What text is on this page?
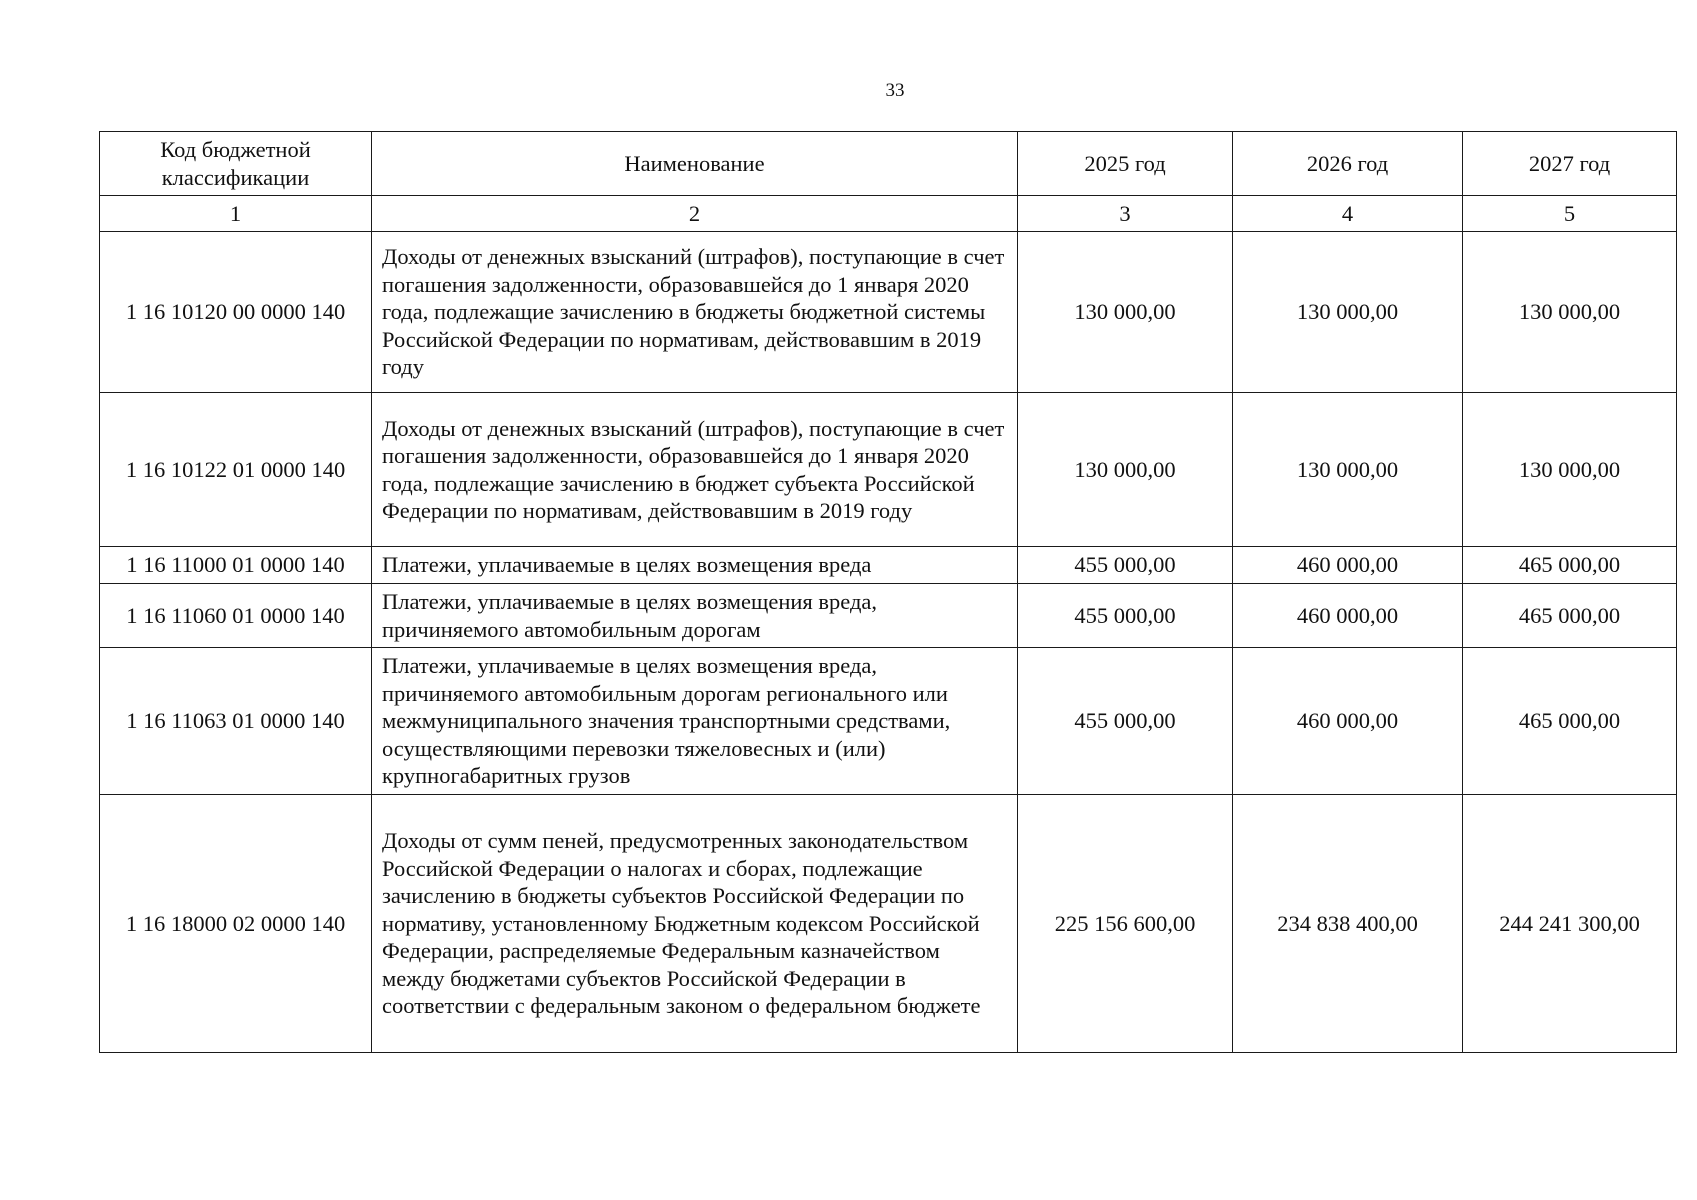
33
Код бюджетной классификации	Наименование	2025 год	2026 год	2027 год
1	2	3	4	5
1 16 10120 00 0000 140	Доходы от денежных взысканий (штрафов), поступающие в счет погашения задолженности, образовавшейся до 1 января 2020 года, подлежащие зачислению в бюджеты бюджетной системы Российской Федерации по нормативам, действовавшим в 2019 году	130 000,00	130 000,00	130 000,00
1 16 10122 01 0000 140	Доходы от денежных взысканий (штрафов), поступающие в счет погашения задолженности, образовавшейся до 1 января 2020 года, подлежащие зачислению в бюджет субъекта Российской Федерации по нормативам, действовавшим в 2019 году	130 000,00	130 000,00	130 000,00
1 16 11000 01 0000 140	Платежи, уплачиваемые в целях возмещения вреда	455 000,00	460 000,00	465 000,00
1 16 11060 01 0000 140	Платежи, уплачиваемые в целях возмещения вреда, причиняемого автомобильным дорогам	455 000,00	460 000,00	465 000,00
1 16 11063 01 0000 140	Платежи, уплачиваемые в целях возмещения вреда, причиняемого автомобильным дорогам регионального или межмуниципального значения транспортными средствами, осуществляющими перевозки тяжеловесных и (или) крупногабаритных грузов	455 000,00	460 000,00	465 000,00
1 16 18000 02 0000 140	Доходы от сумм пеней, предусмотренных законодательством Российской Федерации о налогах и сборах, подлежащие зачислению в бюджеты субъектов Российской Федерации по нормативу, установленному Бюджетным кодексом Российской Федерации, распределяемые Федеральным казначейством между бюджетами субъектов Российской Федерации в соответствии с федеральным законом о федеральном бюджете	225 156 600,00	234 838 400,00	244 241 300,00
